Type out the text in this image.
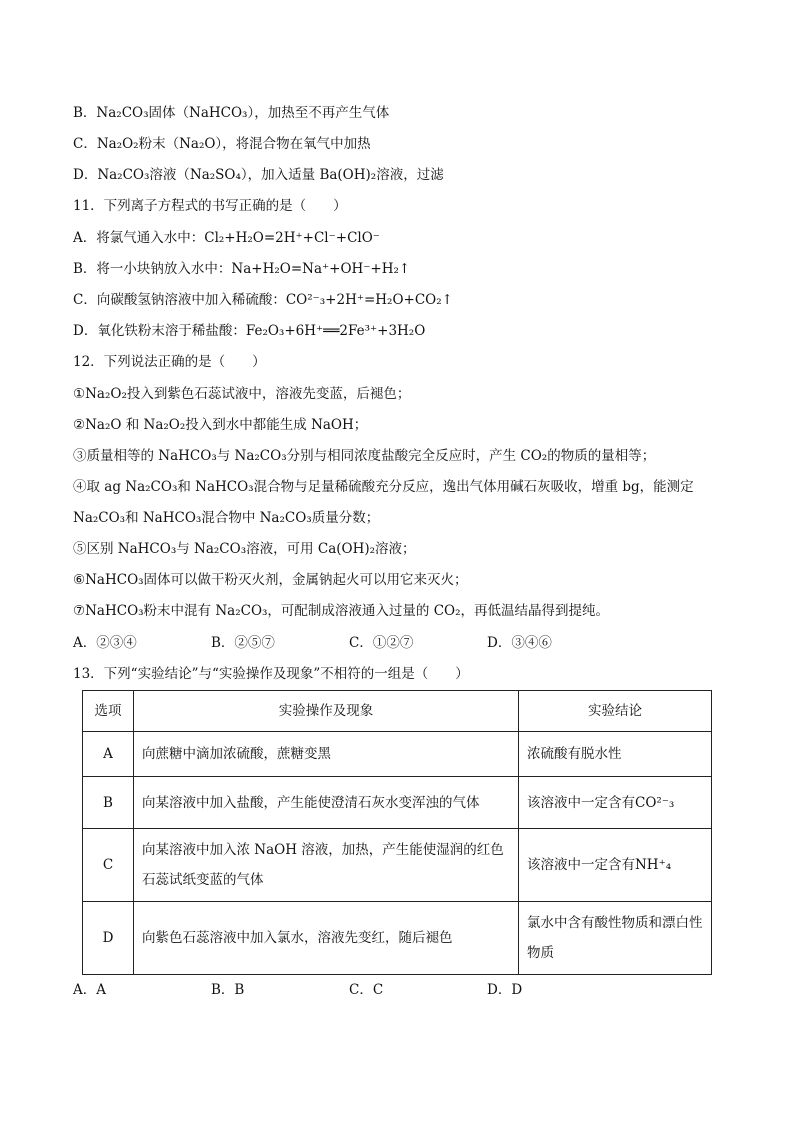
B．Na₂CO₃固体（NaHCO₃），加热至不再产生气体
C．Na₂O₂粉末（Na₂O），将混合物在氧气中加热
D．Na₂CO₃溶液（Na₂SO₄），加入适量 Ba(OH)₂溶液，过滤
11．下列离子方程式的书写正确的是（　　）
A．将氯气通入水中：Cl₂+H₂O=2H⁺+Cl⁻+ClO⁻
B．将一小块钠放入水中：Na+H₂O=Na⁺+OH⁻+H₂↑
C．向碳酸氢钠溶液中加入稀硫酸：CO²⁻₃+2H⁺=H₂O+CO₂↑
D．氧化铁粉末溶于稀盐酸：Fe₂O₃+6H⁺══2Fe³⁺+3H₂O
12．下列说法正确的是（　　）
①Na₂O₂投入到紫色石蕊试液中，溶液先变蓝，后褪色；
②Na₂O 和 Na₂O₂投入到水中都能生成 NaOH；
③质量相等的 NaHCO₃与 Na₂CO₃分别与相同浓度盐酸完全反应时，产生 CO₂的物质的量相等；
④取 ag Na₂CO₃和 NaHCO₃混合物与足量稀硫酸充分反应，逸出气体用碱石灰吸收，增重 bg，能测定 Na₂CO₃和 NaHCO₃混合物中 Na₂CO₃质量分数；
⑤区别 NaHCO₃与 Na₂CO₃溶液，可用 Ca(OH)₂溶液；
⑥NaHCO₃固体可以做干粉灭火剂，金属钠起火可以用它来灭火；
⑦NaHCO₃粉末中混有 Na₂CO₃，可配制成溶液通入过量的 CO₂，再低温结晶得到提纯。
A．②③④	B．②⑤⑦	C．①②⑦	D．③④⑥
13．下列“实验结论”与“实验操作及现象”不相符的一组是（　　）
选项	实验操作及现象	实验结论
A	向蔗糖中滴加浓硫酸，蔗糖变黑	浓硫酸有脱水性
B	向某溶液中加入盐酸，产生能使澄清石灰水变浑浊的气体	该溶液中一定含有CO²⁻₃
C	向某溶液中加入浓 NaOH 溶液，加热，产生能使湿润的红色石蕊试纸变蓝的气体	该溶液中一定含有NH⁺₄
D	向紫色石蕊溶液中加入氯水，溶液先变红，随后褪色	氯水中含有酸性物质和漂白性物质
A．A	B．B	C．C	D．D
